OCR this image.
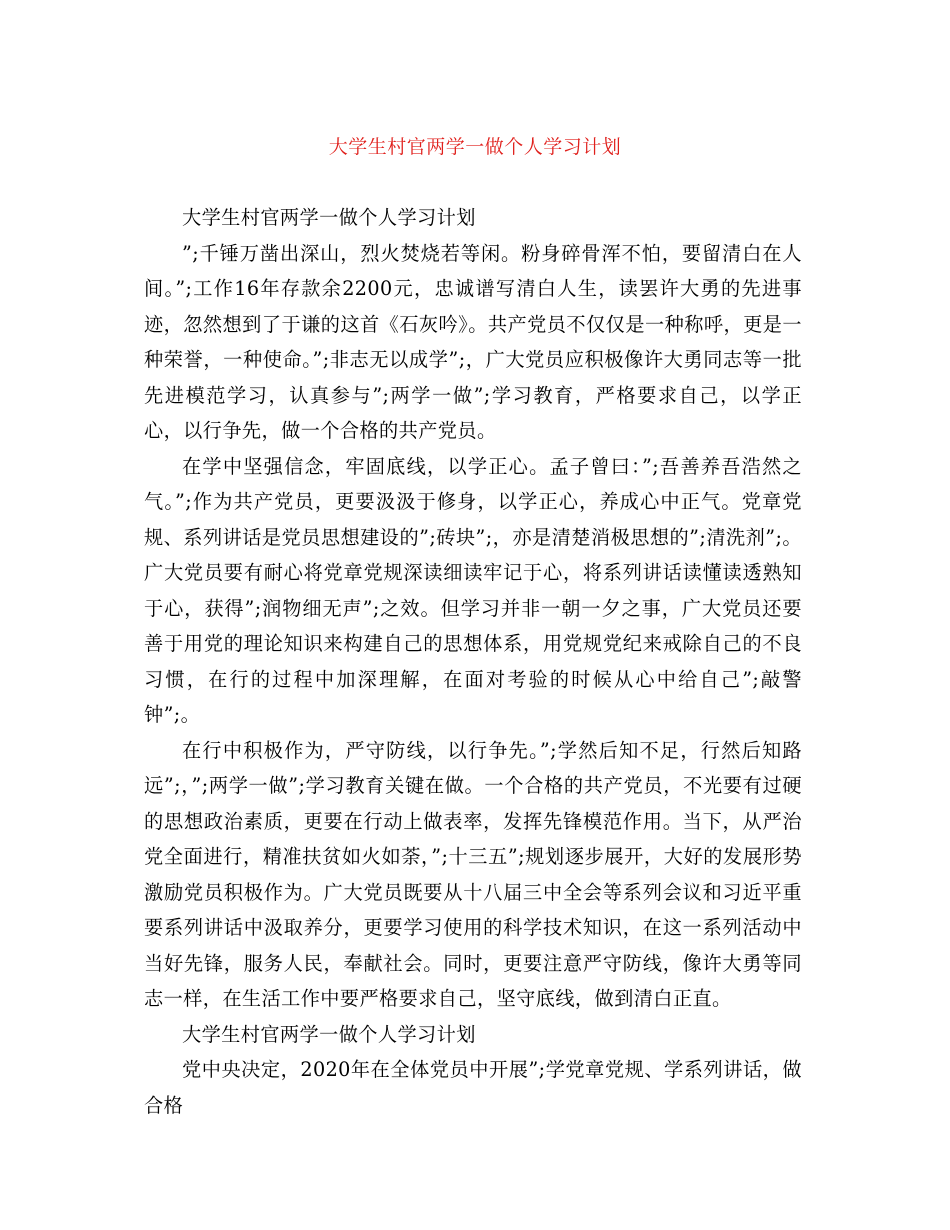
大学生村官两学一做个人学习计划

大学生村官两学一做个人学习计划

”;千锤万凿出深山，烈火焚烧若等闲。粉身碎骨浑不怕，要留清白在人间。”;工作16年存款余2200元，忠诚谱写清白人生，读罢许大勇的先进事迹，忽然想到了于谦的这首《石灰吟》。共产党员不仅仅是一种称呼，更是一种荣誉，一种使命。”;非志无以成学”;，广大党员应积极像许大勇同志等一批先进模范学习，认真参与”;两学一做”;学习教育，严格要求自己，以学正心，以行争先，做一个合格的共产党员。

在学中坚强信念，牢固底线，以学正心。孟子曾曰：”;吾善养吾浩然之气。”;作为共产党员，更要汲汲于修身，以学正心，养成心中正气。党章党规、系列讲话是党员思想建设的”;砖块”;，亦是清楚消极思想的”;清洗剂”;。广大党员要有耐心将党章党规深读细读牢记于心，将系列讲话读懂读透熟知于心，获得”;润物细无声”;之效。但学习并非一朝一夕之事，广大党员还要善于用党的理论知识来构建自己的思想体系，用党规党纪来戒除自己的不良习惯，在行的过程中加深理解，在面对考验的时候从心中给自己”;敲警钟”;。

在行中积极作为，严守防线，以行争先。”;学然后知不足，行然后知路远”;，”;两学一做”;学习教育关键在做。一个合格的共产党员，不光要有过硬的思想政治素质，更要在行动上做表率，发挥先锋模范作用。当下，从严治党全面进行，精准扶贫如火如荼，”;十三五”;规划逐步展开，大好的发展形势激励党员积极作为。广大党员既要从十八届三中全会等系列会议和习近平重要系列讲话中汲取养分，更要学习使用的科学技术知识，在这一系列活动中当好先锋，服务人民，奉献社会。同时，更要注意严守防线，像许大勇等同志一样，在生活工作中要严格要求自己，坚守底线，做到清白正直。

大学生村官两学一做个人学习计划

党中央决定，2020年在全体党员中开展”;学党章党规、学系列讲话，做合格
